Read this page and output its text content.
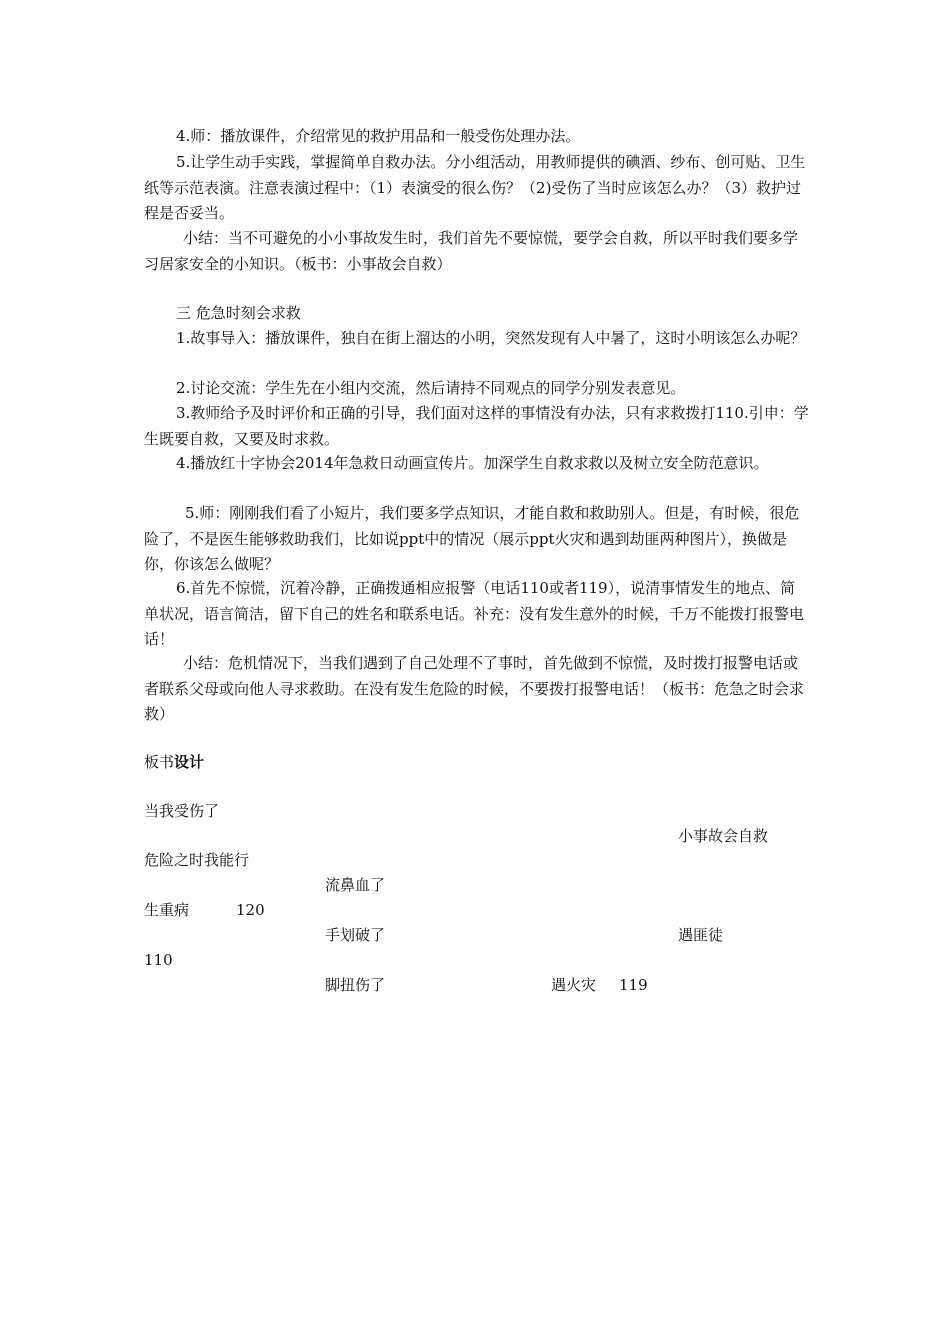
4.师：播放课件，介绍常见的救护用品和一般受伤处理办法。

5.让学生动手实践，掌握简单自救办法。分小组活动，用教师提供的碘酒、纱布、创可贴、卫生纸等示范表演。注意表演过程中：（1）表演受的很么伤？（2)受伤了当时应该怎么办？（3）救护过程是否妥当。

小结：当不可避免的小小事故发生时，我们首先不要惊慌，要学会自救，所以平时我们要多学习居家安全的小知识。（板书：小事故会自救）

三 危急时刻会求救

1.故事导入：播放课件，独自在街上溜达的小明，突然发现有人中暑了，这时小明该怎么办呢？

2.讨论交流：学生先在小组内交流，然后请持不同观点的同学分别发表意见。

3.教师给予及时评价和正确的引导，我们面对这样的事情没有办法，只有求救拨打110.引申：学生既要自救，又要及时求救。

4.播放红十字协会2014年急救日动画宣传片。加深学生自救求救以及树立安全防范意识。

5.师：刚刚我们看了小短片，我们要多学点知识，才能自救和救助别人。但是，有时候，很危险了，不是医生能够救助我们，比如说ppt中的情况（展示ppt火灾和遇到劫匪两种图片），换做是你，你该怎么做呢？

6.首先不惊慌，沉着冷静，正确拨通相应报警（电话110或者119），说清事情发生的地点、简单状况，语言简洁，留下自己的姓名和联系电话。补充：没有发生意外的时候，千万不能拨打报警电话！

小结：危机情况下，当我们遇到了自己处理不了事时，首先做到不惊慌，及时拨打报警电话或者联系父母或向他人寻求救助。在没有发生危险的时候，不要拨打报警电话！（板书：危急之时会求救）

板书设计
当我受伤了
小事故会自救
危险之时我能行
流鼻血了
生重病	120
手划破了	遇匪徒
110
脚扭伤了	遇火灾 119
